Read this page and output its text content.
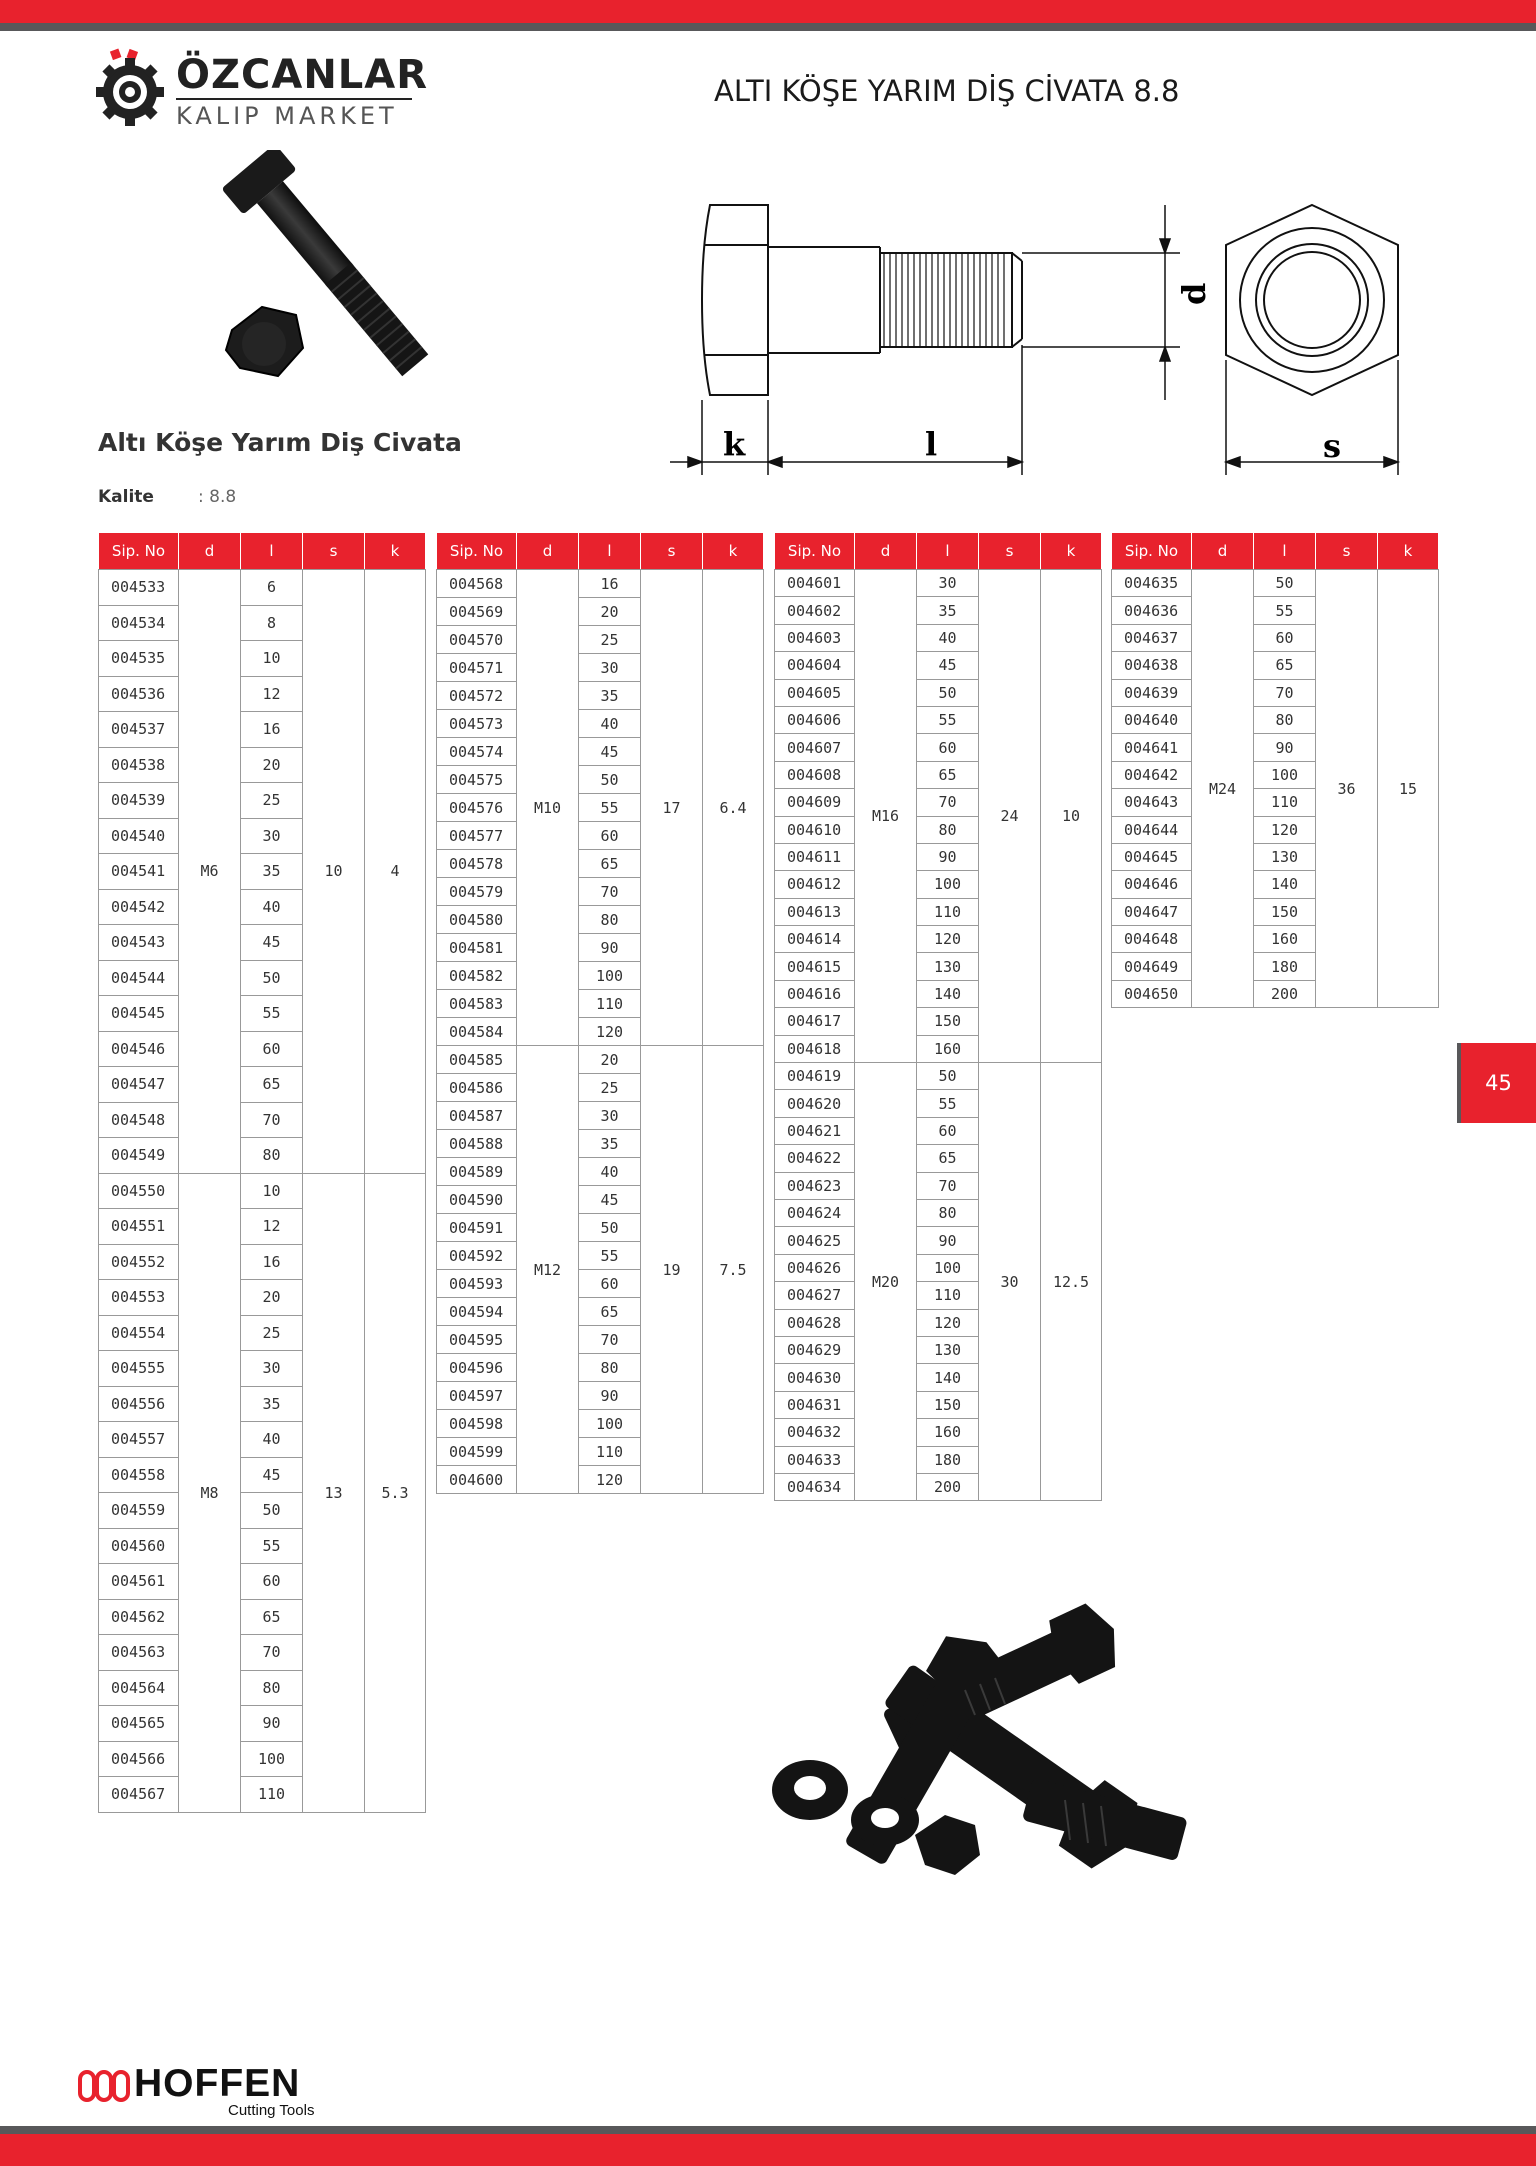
ÖZCANLAR
KALIP MARKET
ALTI KÖŞE YARIM DİŞ CİVATA 8.8
k	l
d
s
Altı Köşe Yarım Diş Civata
Kalite	: 8.8
Sip. No	d	l	s	k
004533	M6	6	10	4
004534		8		
004535		10		
004536		12		
004537		16		
004538		20		
004539		25		
004540		30		
004541		35		
004542		40		
004543		45		
004544		50		
004545		55		
004546		60		
004547		65		
004548		70		
004549		80		
004550	M8	10	13	5.3
004551		12		
004552		16		
004553		20		
004554		25		
004555		30		
004556		35		
004557		40		
004558		45		
004559		50		
004560		55		
004561		60		
004562		65		
004563		70		
004564		80		
004565		90		
004566		100		
004567		110		
Sip. No	d	l	s	k
004568	M10	16	17	6.4
004569		20		
004570		25		
004571		30		
004572		35		
004573		40		
004574		45		
004575		50		
004576		55		
004577		60		
004578		65		
004579		70		
004580		80		
004581		90		
004582		100		
004583		110		
004584		120		
004585	M12	20	19	7.5
004586		25		
004587		30		
004588		35		
004589		40		
004590		45		
004591		50		
004592		55		
004593		60		
004594		65		
004595		70		
004596		80		
004597		90		
004598		100		
004599		110		
004600		120		
Sip. No	d	l	s	k
004601	M16	30	24	10
004602		35		
004603		40		
004604		45		
004605		50		
004606		55		
004607		60		
004608		65		
004609		70		
004610		80		
004611		90		
004612		100		
004613		110		
004614		120		
004615		130		
004616		140		
004617		150		
004618		160		
004619	M20	50	30	12.5
004620		55		
004621		60		
004622		65		
004623		70		
004624		80		
004625		90		
004626		100		
004627		110		
004628		120		
004629		130		
004630		140		
004631		150		
004632		160		
004633		180		
004634		200		
Sip. No	d	l	s	k
004635	M24	50	36	15
004636		55		
004637		60		
004638		65		
004639		70		
004640		80		
004641		90		
004642		100		
004643		110		
004644		120		
004645		130		
004646		140		
004647		150		
004648		160		
004649		180		
004650		200		
45
HOFFEN
Cutting Tools
